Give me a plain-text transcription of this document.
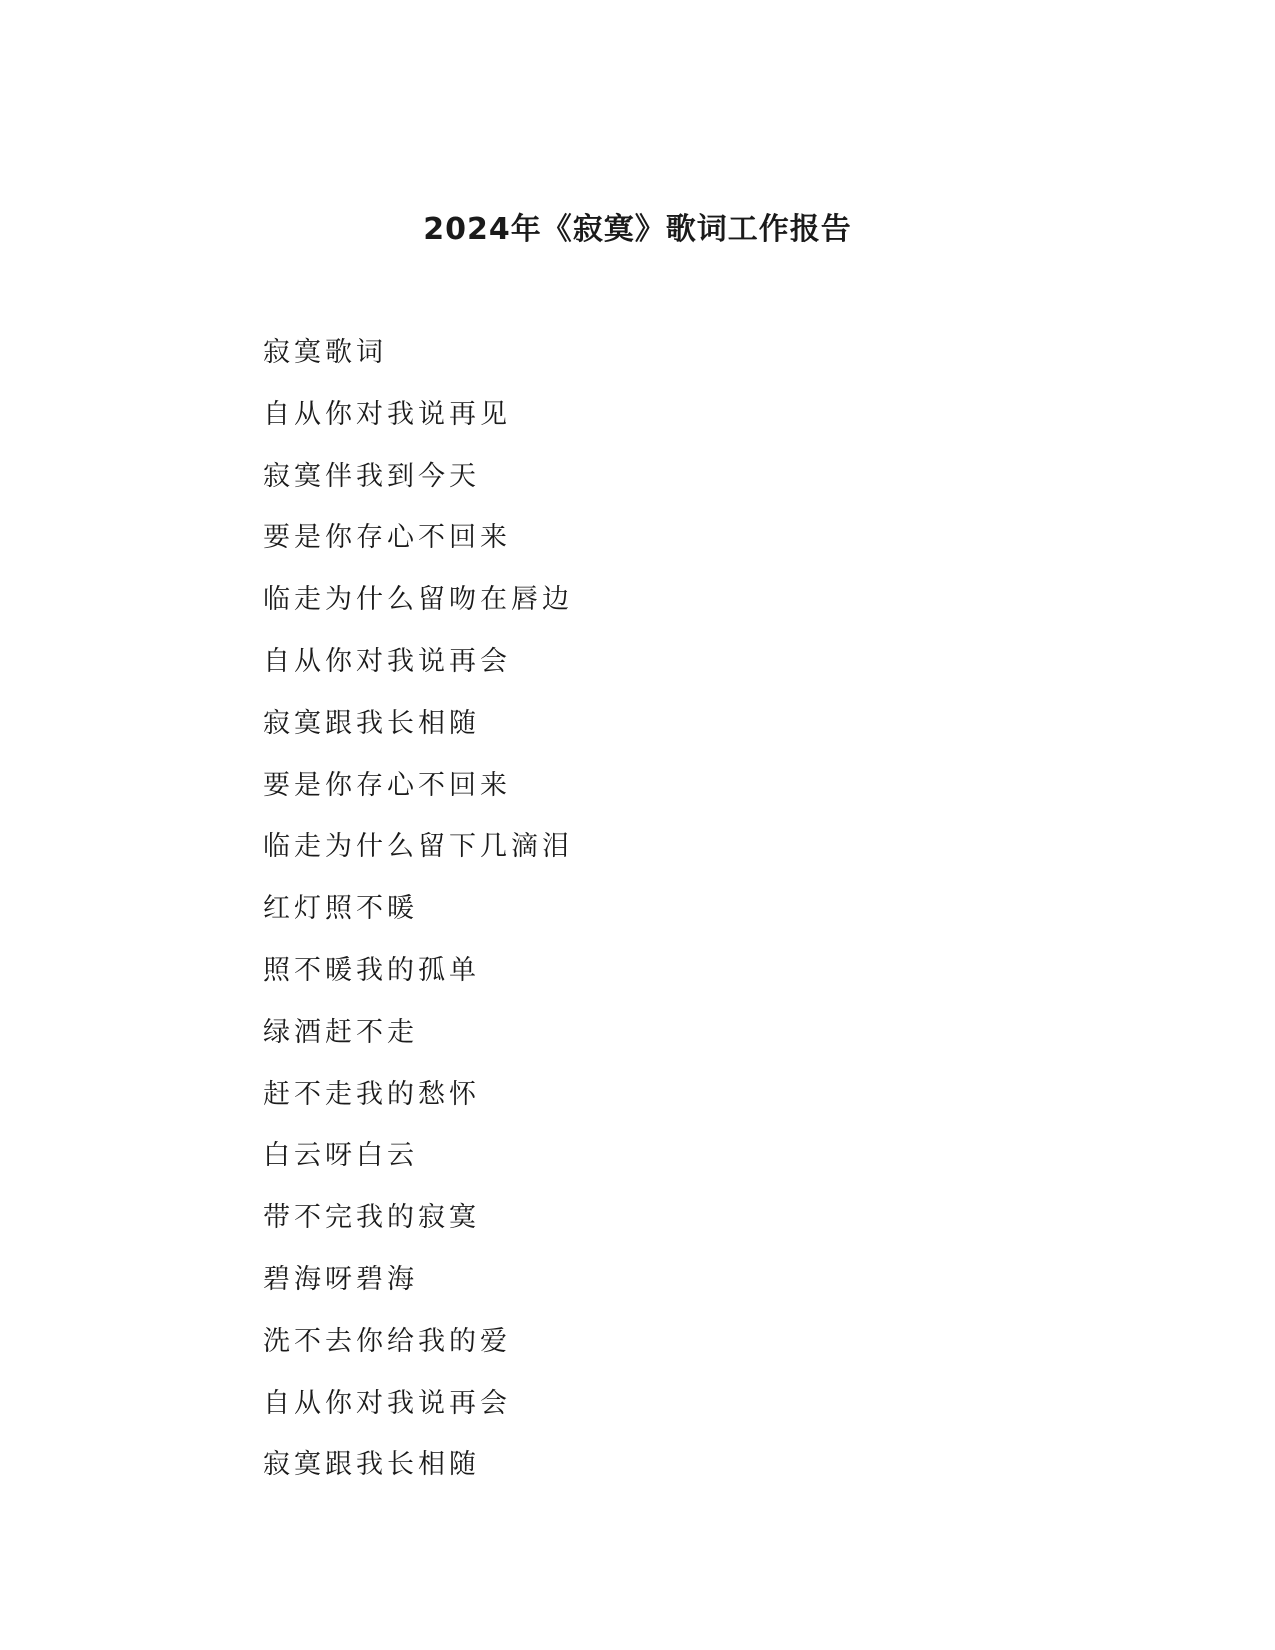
2024年《寂寞》歌词工作报告
寂寞歌词
自从你对我说再见
寂寞伴我到今天
要是你存心不回来
临走为什么留吻在唇边
自从你对我说再会
寂寞跟我长相随
要是你存心不回来
临走为什么留下几滴泪
红灯照不暖
照不暖我的孤单
绿酒赶不走
赶不走我的愁怀
白云呀白云
带不完我的寂寞
碧海呀碧海
洗不去你给我的爱
自从你对我说再会
寂寞跟我长相随
